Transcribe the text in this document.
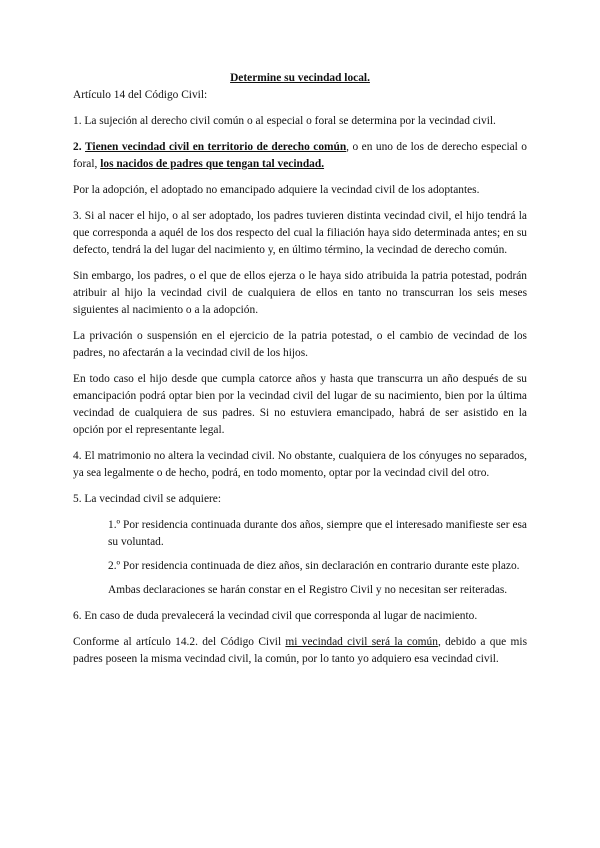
Determine su vecindad local.

Artículo 14 del Código Civil:

1. La sujeción al derecho civil común o al especial o foral se determina por la vecindad civil.

2. Tienen vecindad civil en territorio de derecho común, o en uno de los de derecho especial o foral, los nacidos de padres que tengan tal vecindad.

Por la adopción, el adoptado no emancipado adquiere la vecindad civil de los adoptantes.

3. Si al nacer el hijo, o al ser adoptado, los padres tuvieren distinta vecindad civil, el hijo tendrá la que corresponda a aquél de los dos respecto del cual la filiación haya sido determinada antes; en su defecto, tendrá la del lugar del nacimiento y, en último término, la vecindad de derecho común.

Sin embargo, los padres, o el que de ellos ejerza o le haya sido atribuida la patria potestad, podrán atribuir al hijo la vecindad civil de cualquiera de ellos en tanto no transcurran los seis meses siguientes al nacimiento o a la adopción.

La privación o suspensión en el ejercicio de la patria potestad, o el cambio de vecindad de los padres, no afectarán a la vecindad civil de los hijos.

En todo caso el hijo desde que cumpla catorce años y hasta que transcurra un año después de su emancipación podrá optar bien por la vecindad civil del lugar de su nacimiento, bien por la última vecindad de cualquiera de sus padres. Si no estuviera emancipado, habrá de ser asistido en la opción por el representante legal.

4. El matrimonio no altera la vecindad civil. No obstante, cualquiera de los cónyuges no separados, ya sea legalmente o de hecho, podrá, en todo momento, optar por la vecindad civil del otro.

5. La vecindad civil se adquiere:

1.º Por residencia continuada durante dos años, siempre que el interesado manifieste ser esa su voluntad.

2.º Por residencia continuada de diez años, sin declaración en contrario durante este plazo.

Ambas declaraciones se harán constar en el Registro Civil y no necesitan ser reiteradas.

6. En caso de duda prevalecerá la vecindad civil que corresponda al lugar de nacimiento.

Conforme al artículo 14.2. del Código Civil mi vecindad civil será la común, debido a que mis padres poseen la misma vecindad civil, la común, por lo tanto yo adquiero esa vecindad civil.
